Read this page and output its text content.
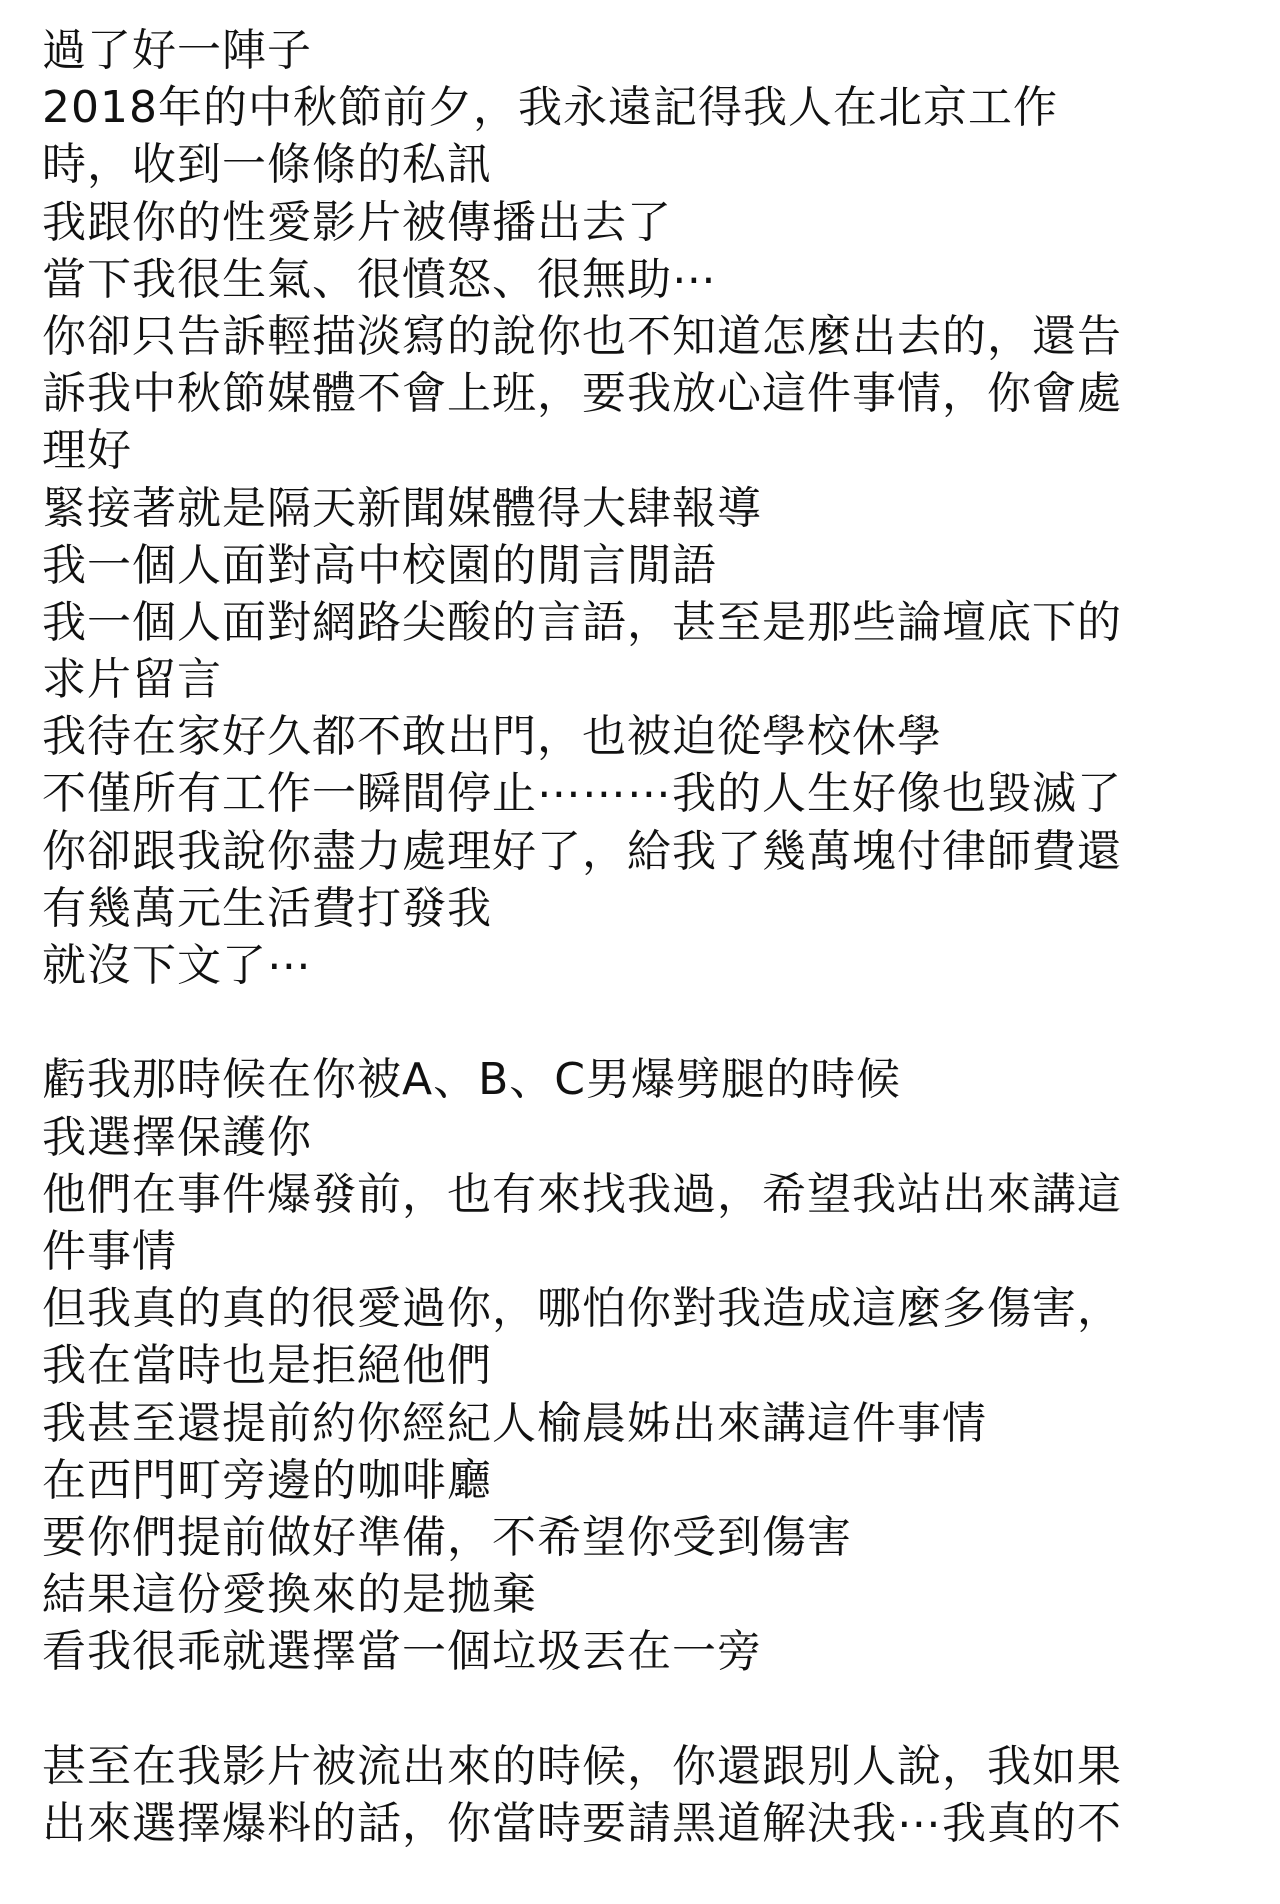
過了好一陣子
2018年的中秋節前夕，我永遠記得我人在北京工作
時，收到一條條的私訊
我跟你的性愛影片被傳播出去了
當下我很生氣、很憤怒、很無助⋯
你卻只告訴輕描淡寫的說你也不知道怎麼出去的，還告
訴我中秋節媒體不會上班，要我放心這件事情，你會處
理好
緊接著就是隔天新聞媒體得大肆報導
我一個人面對高中校園的閒言閒語
我一個人面對網路尖酸的言語，甚至是那些論壇底下的
求片留言
我待在家好久都不敢出門，也被迫從學校休學
不僅所有工作一瞬間停止⋯⋯⋯我的人生好像也毀滅了
你卻跟我說你盡力處理好了，給我了幾萬塊付律師費還
有幾萬元生活費打發我
就沒下文了⋯
虧我那時候在你被A、B、C男爆劈腿的時候
我選擇保護你
他們在事件爆發前，也有來找我過，希望我站出來講這
件事情
但我真的真的很愛過你，哪怕你對我造成這麼多傷害，
我在當時也是拒絕他們
我甚至還提前約你經紀人榆晨姊出來講這件事情
在西門町旁邊的咖啡廳
要你們提前做好準備，不希望你受到傷害
結果這份愛換來的是拋棄
看我很乖就選擇當一個垃圾丟在一旁
甚至在我影片被流出來的時候，你還跟別人說，我如果
出來選擇爆料的話，你當時要請黑道解決我⋯我真的不
